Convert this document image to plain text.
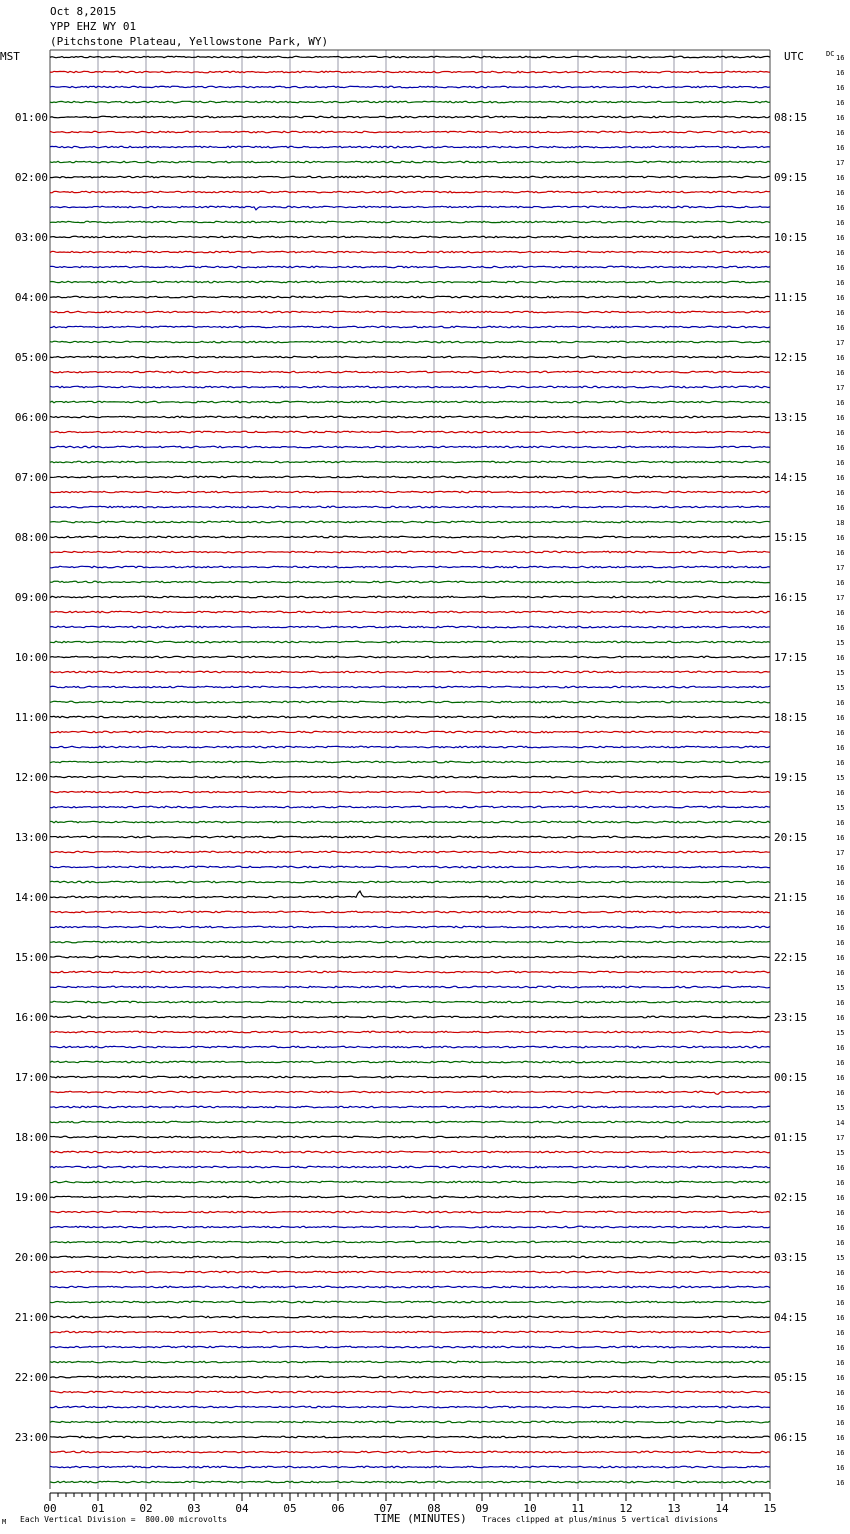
Oct 8,2015
YPP EHZ WY 01
(Pitchstone Plateau, Yellowstone Park, WY)
MST	UTC	DC
01:00
02:00
03:00
04:00
05:00
06:00
07:00
08:00
09:00
10:00
11:00
12:00
13:00
14:00
15:00
16:00
17:00
18:00
19:00
20:00
21:00
22:00
23:00
08:15
09:15
10:15
11:15
12:15
13:15
14:15
15:15
16:15
17:15
18:15
19:15
20:15
21:15
22:15
23:15
00:15
01:15
02:15
03:15
04:15
05:15
06:15
00	01	02	03	04	05	06	07	08	09	10	11	12	13	14	15
16
16
16
16
16
16
16
17
16
16
16
16
16
16
16
16
16
16
16
17
16
16
17
16
16
16
16
16
16
16
16
18
16
16
17
16
17
16
16
15
16
15
15
16
16
16
16
16
15
16
15
16
16
17
16
16
16
16
16
16
16
16
15
16
16
15
16
16
16
16
15
14
17
15
16
16
16
16
16
16
15
16
16
16
16
16
16
16
16
16
16
16
16
16
16
16
M Each Vertical Division =  800.00 microvolts	TIME (MINUTES) Traces clipped at plus/minus 5 vertical divisions
